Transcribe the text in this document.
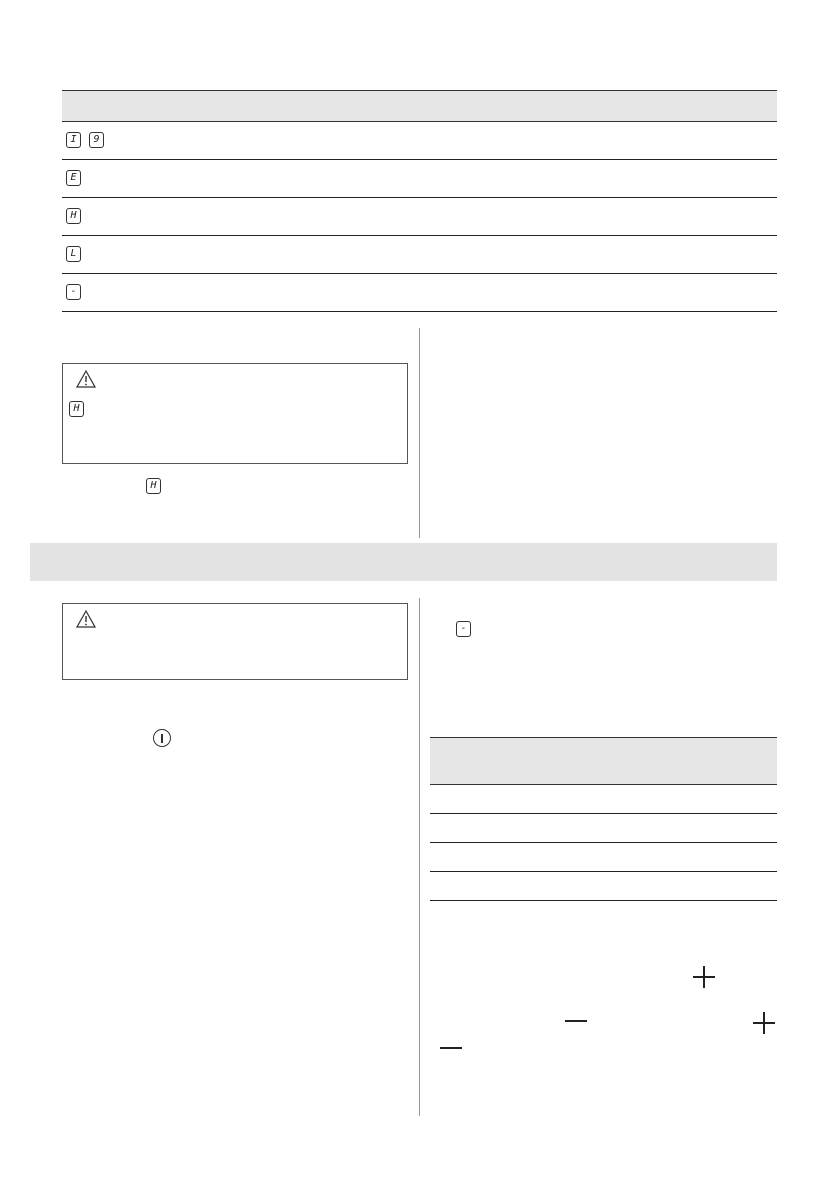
I	9
E
H
L
-
H
H
-
